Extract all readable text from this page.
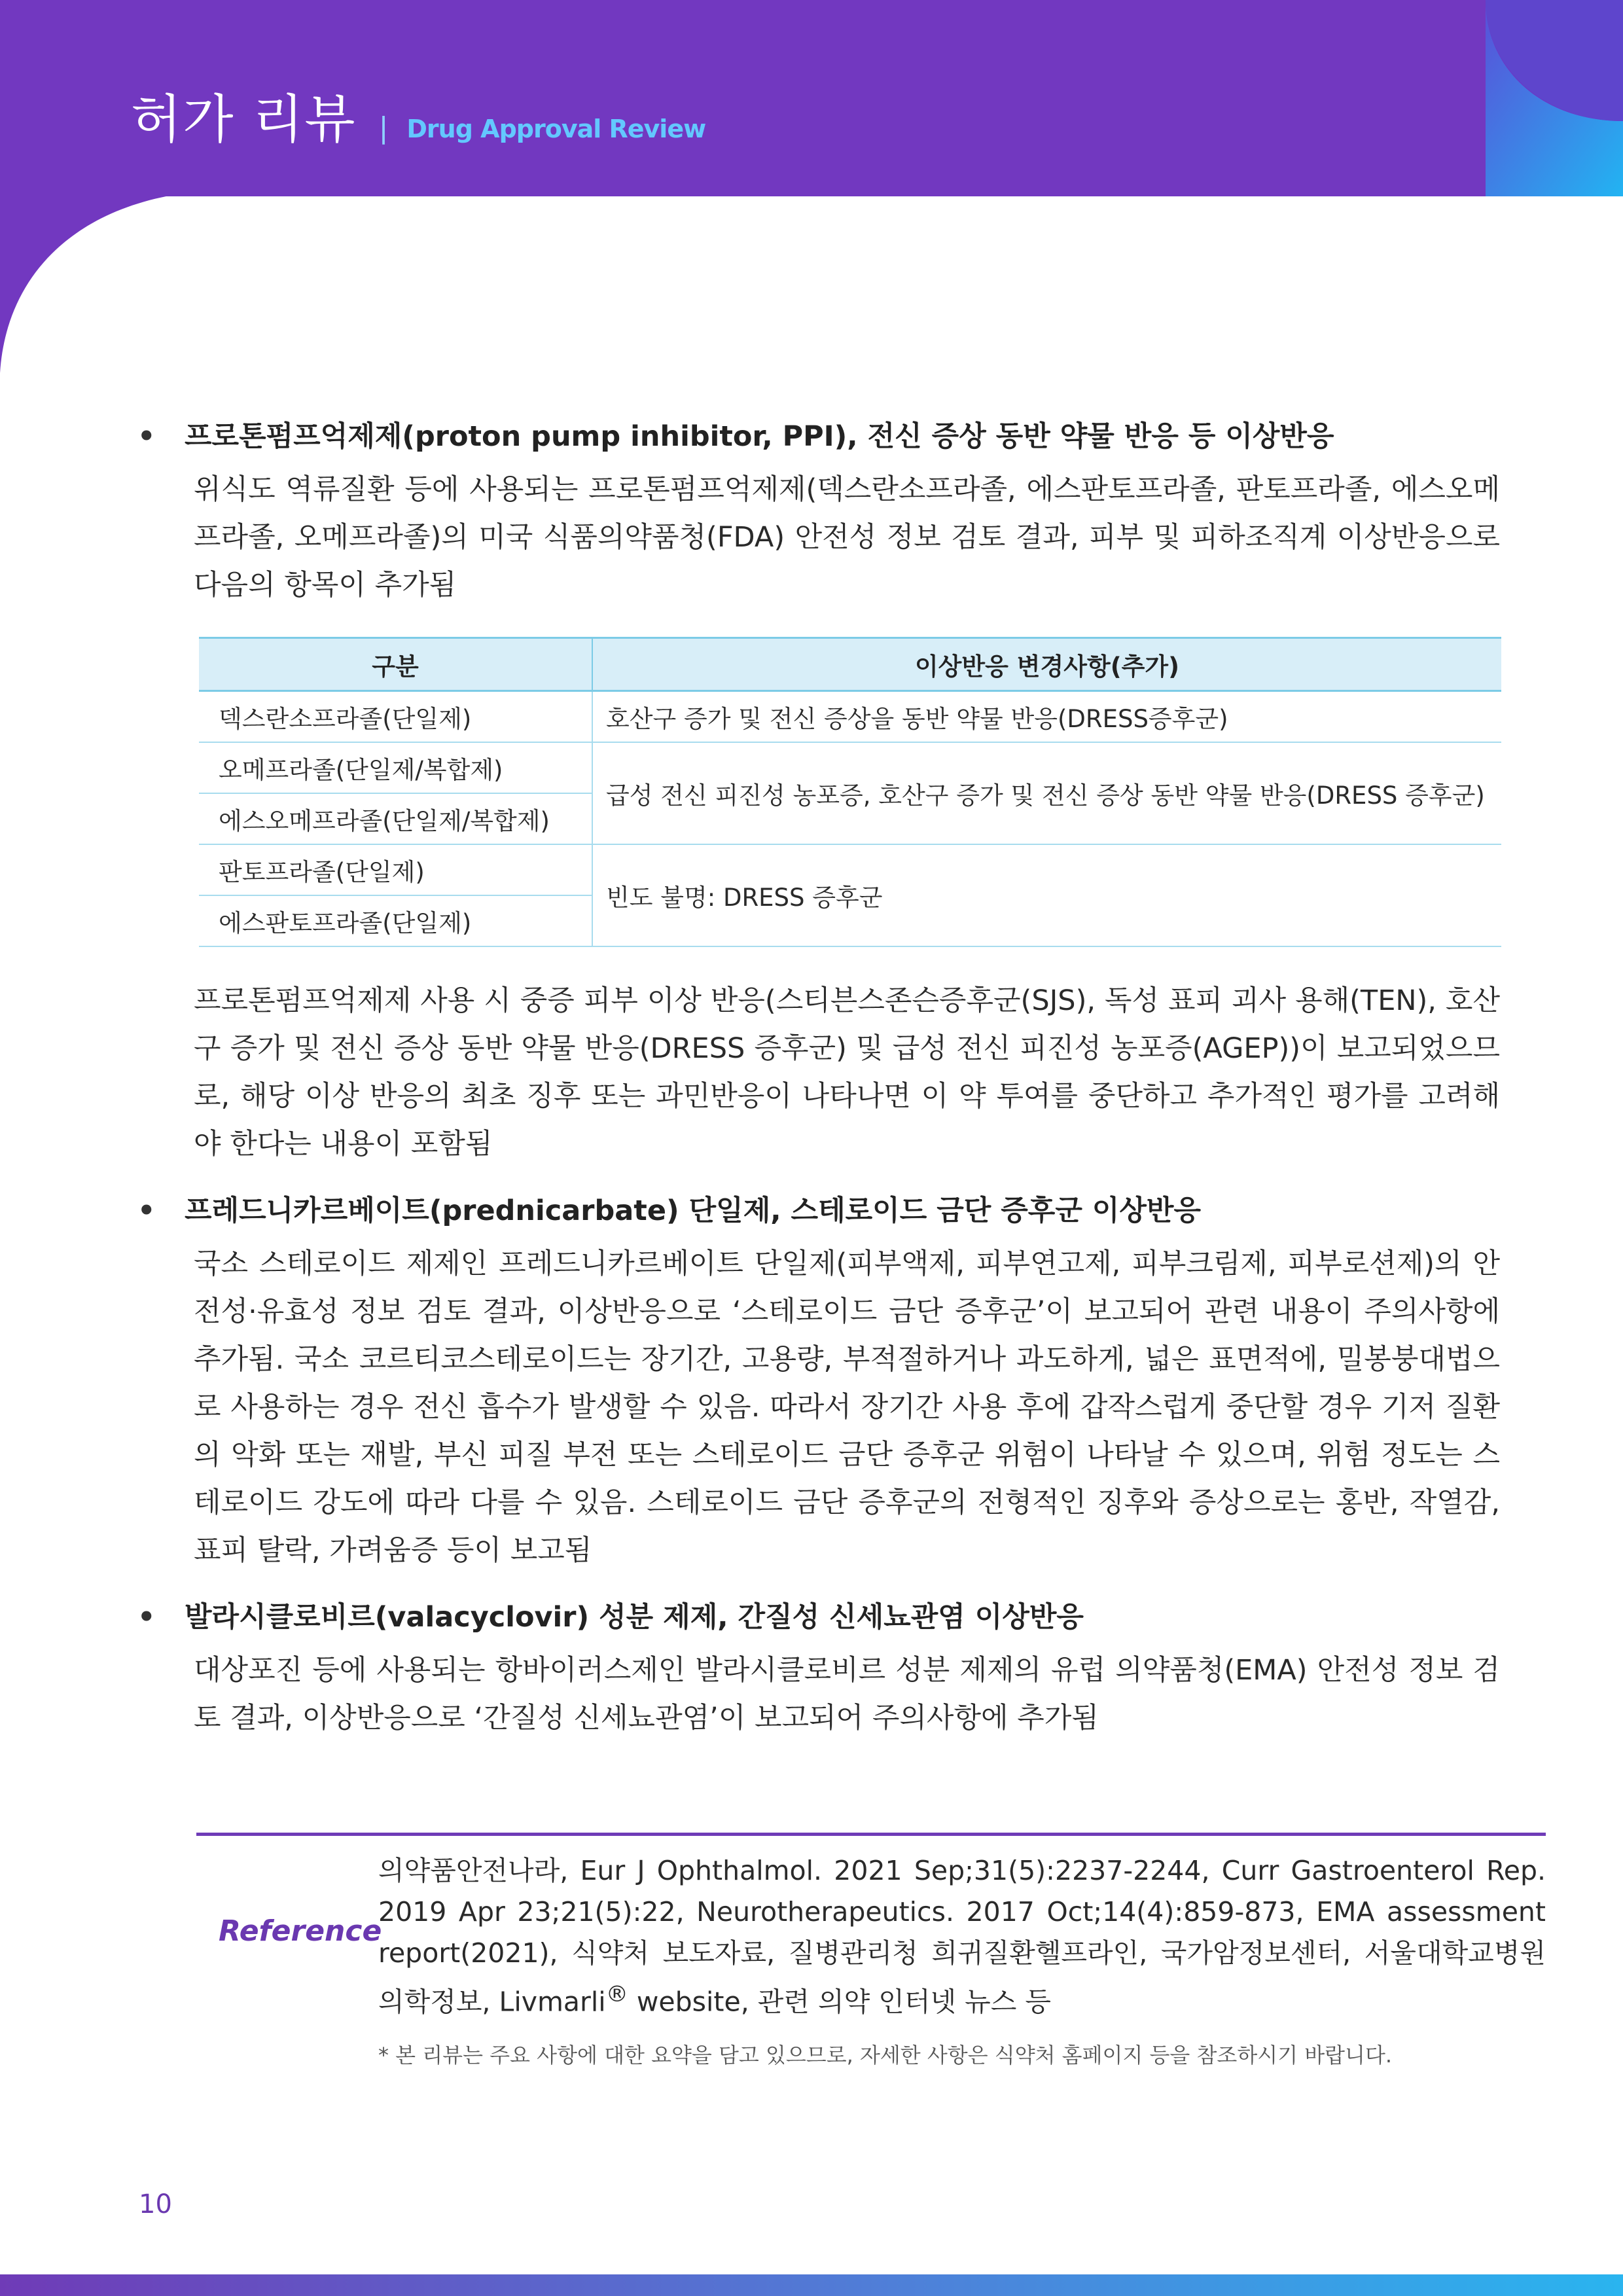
허가 리뷰 | Drug Approval Review
• 프로톤펌프억제제(proton pump inhibitor, PPI), 전신 증상 동반 약물 반응 등 이상반응
위식도 역류질환 등에 사용되는 프로톤펌프억제제(덱스란소프라졸, 에스판토프라졸, 판토프라졸, 에스오메프라졸, 오메프라졸)의 미국 식품의약품청(FDA) 안전성 정보 검토 결과, 피부 및 피하조직계 이상반응으로 다음의 항목이 추가됨
구분	이상반응 변경사항(추가)
덱스란소프라졸(단일제)	호산구 증가 및 전신 증상을 동반 약물 반응(DRESS증후군)
오메프라졸(단일제/복합제)	급성 전신 피진성 농포증, 호산구 증가 및 전신 증상 동반 약물 반응(DRESS 증후군)
에스오메프라졸(단일제/복합제)	
판토프라졸(단일제)	빈도 불명: DRESS 증후군
에스판토프라졸(단일제)	
프로톤펌프억제제 사용 시 중증 피부 이상 반응(스티븐스존슨증후군(SJS), 독성 표피 괴사 용해(TEN), 호산구 증가 및 전신 증상 동반 약물 반응(DRESS 증후군) 및 급성 전신 피진성 농포증(AGEP))이 보고되었으므로, 해당 이상 반응의 최초 징후 또는 과민반응이 나타나면 이 약 투여를 중단하고 추가적인 평가를 고려해야 한다는 내용이 포함됨
• 프레드니카르베이트(prednicarbate) 단일제, 스테로이드 금단 증후군 이상반응
국소 스테로이드 제제인 프레드니카르베이트 단일제(피부액제, 피부연고제, 피부크림제, 피부로션제)의 안전성·유효성 정보 검토 결과, 이상반응으로 ‘스테로이드 금단 증후군’이 보고되어 관련 내용이 주의사항에 추가됨. 국소 코르티코스테로이드는 장기간, 고용량, 부적절하거나 과도하게, 넓은 표면적에, 밀봉붕대법으로 사용하는 경우 전신 흡수가 발생할 수 있음. 따라서 장기간 사용 후에 갑작스럽게 중단할 경우 기저 질환의 악화 또는 재발, 부신 피질 부전 또는 스테로이드 금단 증후군 위험이 나타날 수 있으며, 위험 정도는 스테로이드 강도에 따라 다를 수 있음. 스테로이드 금단 증후군의 전형적인 징후와 증상으로는 홍반, 작열감, 표피 탈락, 가려움증 등이 보고됨
• 발라시클로비르(valacyclovir) 성분 제제, 간질성 신세뇨관염 이상반응
대상포진 등에 사용되는 항바이러스제인 발라시클로비르 성분 제제의 유럽 의약품청(EMA) 안전성 정보 검토 결과, 이상반응으로 ‘간질성 신세뇨관염’이 보고되어 주의사항에 추가됨
Reference
의약품안전나라, Eur J Ophthalmol. 2021 Sep;31(5):2237-2244, Curr Gastroenterol Rep. 2019 Apr 23;21(5):22, Neurotherapeutics. 2017 Oct;14(4):859-873, EMA assessment report(2021), 식약처 보도자료, 질병관리청 희귀질환헬프라인, 국가암정보센터, 서울대학교병원 의학정보, Livmarli® website, 관련 의약 인터넷 뉴스 등
* 본 리뷰는 주요 사항에 대한 요약을 담고 있으므로, 자세한 사항은 식약처 홈페이지 등을 참조하시기 바랍니다.
10
